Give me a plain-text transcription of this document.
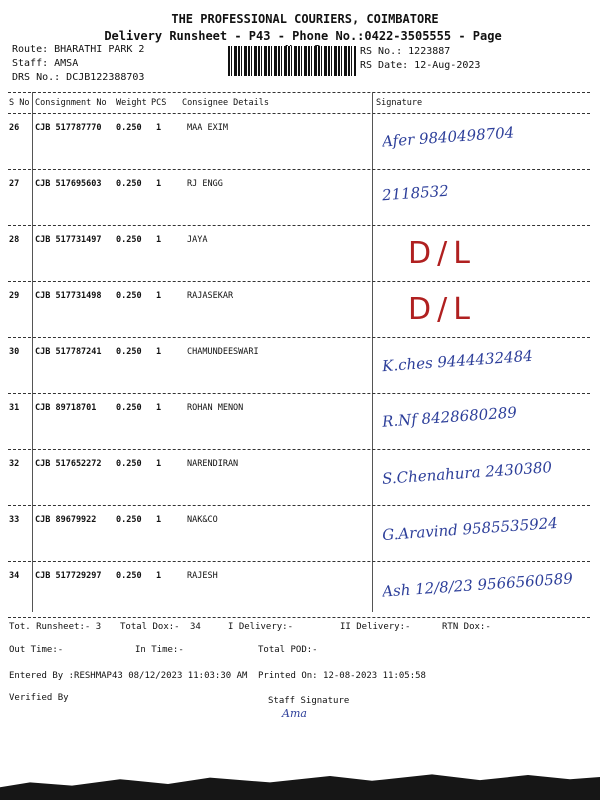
THE PROFESSIONAL COURIERS, COIMBATORE
Delivery Runsheet - P43 - Phone No.:0422-3505555 - Page
Route: BHARATHI PARK 2
Staff: AMSA
DRS No.: DCJB122388703
RS No.: 1223887
RS Date: 12-Aug-2023
S No Consignment No Weight PCS Consignee Details	Signature
26 CJB 517787770 0.250 1	MAA EXIM	Afer 9840498704
27 CJB 517695603 0.250 1	RJ ENGG	2118532
28 CJB 517731497 0.250 1	JAYA	D/L
29 CJB 517731498 0.250 1	RAJASEKAR	D/L
30 CJB 517787241 0.250 1	CHAMUNDEESWARI	K.ches 9444432484
31 CJB 89718701 0.250 1	ROHAN MENON	R.Nf 8428680289
32 CJB 517652272 0.250 1	NARENDIRAN	S.Chenahura 2430380
33 CJB 89679922 0.250 1	NAK&CO	G.Aravind 9585535924
34 CJB 517729297 0.250 1	RAJESH	Ash 12/8/23 9566560589
Tot. Runsheet:- 3 Total Dox:- 34	I Delivery:-	II Delivery:-	RTN Dox:-
Out Time:-	In Time:-	Total POD:-
Entered By :RESHMAP43 08/12/2023 11:03:30 AM Printed On: 12-08-2023 11:05:58
Verified By	Staff Signature
Ama
